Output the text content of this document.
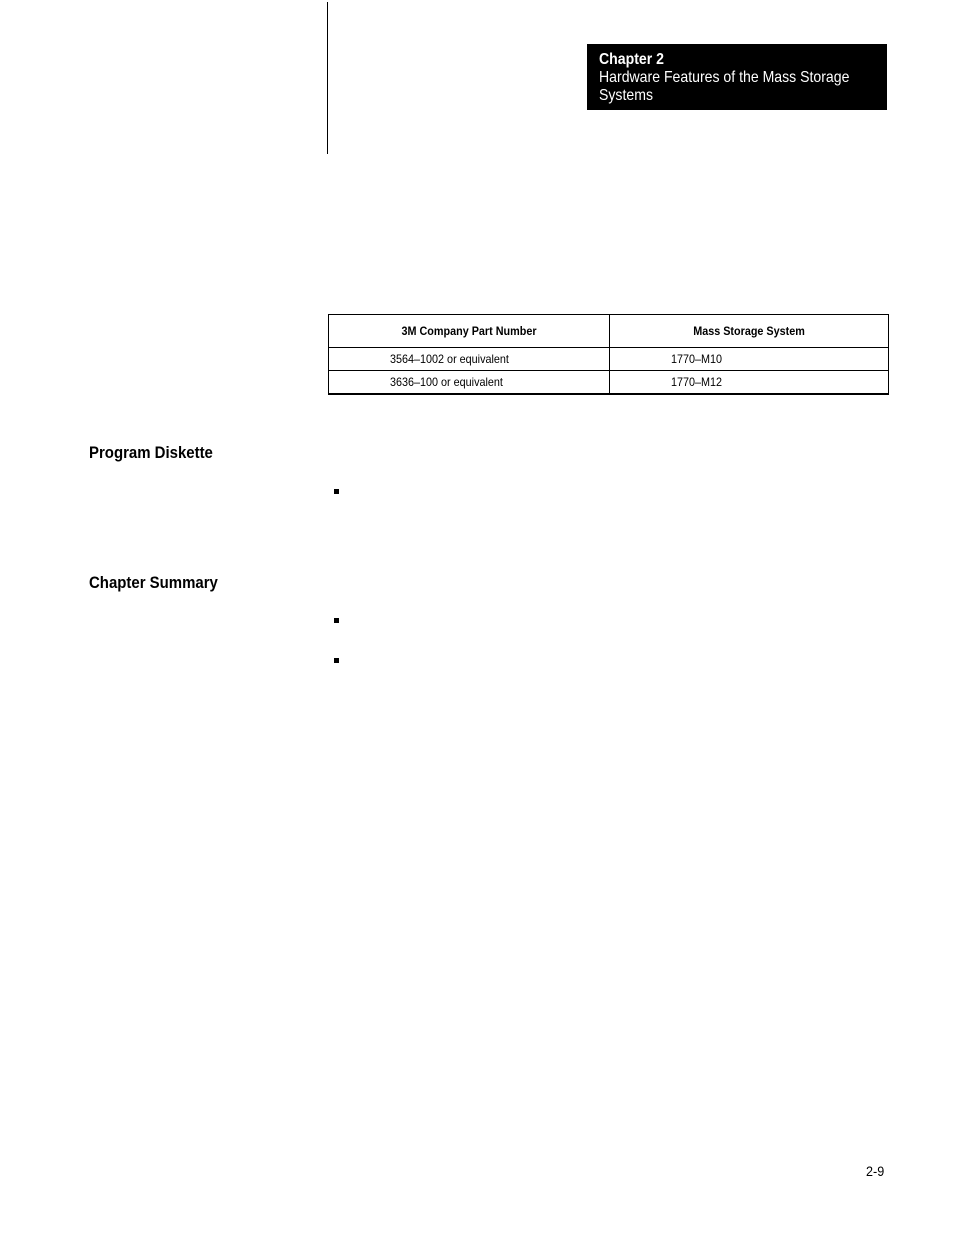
Chapter 2
Hardware Features of the Mass Storage
Systems
3M Company Part Number	Mass Storage System
3564–1002 or equivalent	1770–M10
3636–100 or equivalent	1770–M12
Program Diskette
Chapter Summary
2-9
